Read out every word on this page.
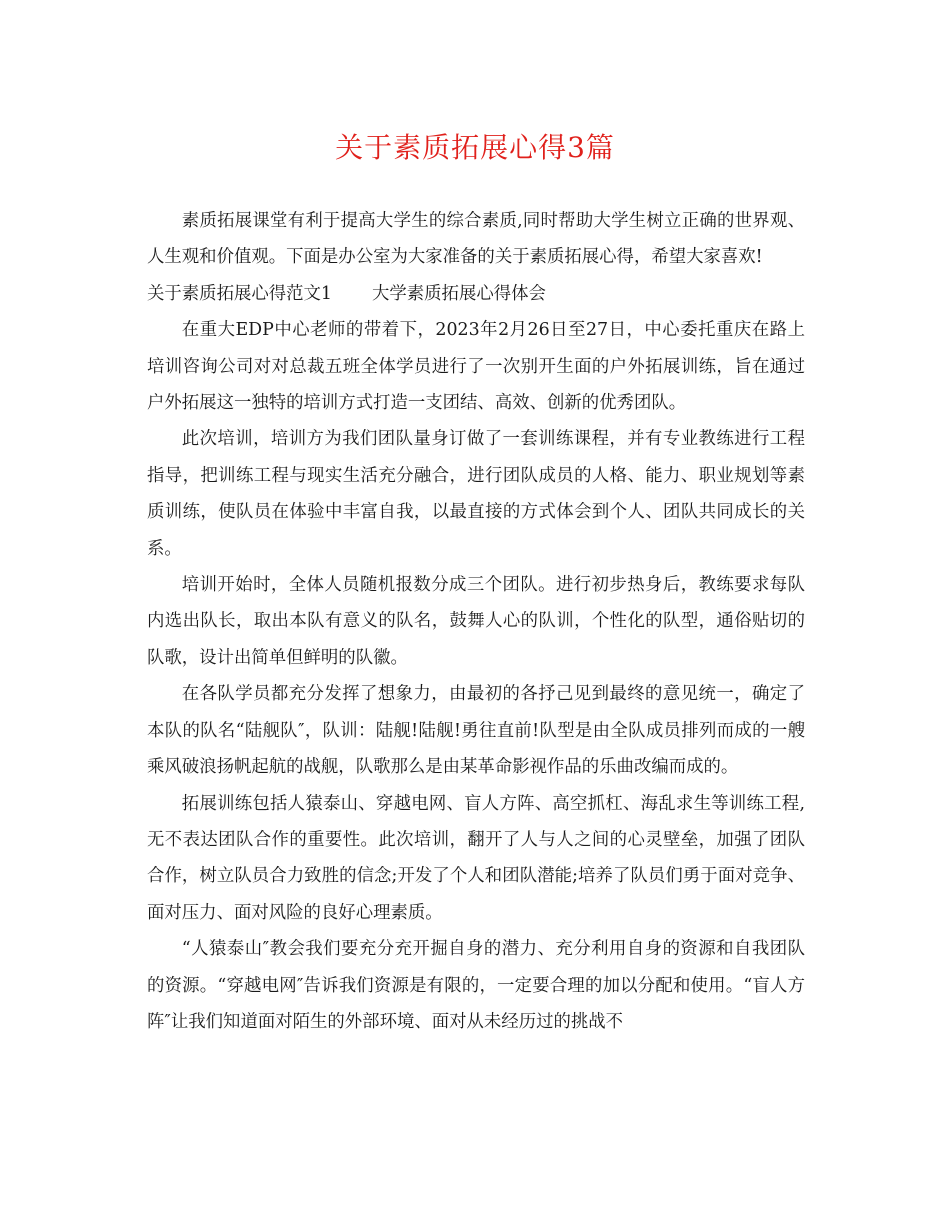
关于素质拓展心得3篇

素质拓展课堂有利于提高大学生的综合素质,同时帮助大学生树立正确的世界观、人生观和价值观。下面是办公室为大家准备的关于素质拓展心得，希望大家喜欢!

关于素质拓展心得范文1 大学素质拓展心得体会

在重大EDP中心老师的带着下，2023年2月26日至27日，中心委托重庆在路上培训咨询公司对对总裁五班全体学员进行了一次别开生面的户外拓展训练，旨在通过户外拓展这一独特的培训方式打造一支团结、高效、创新的优秀团队。

此次培训，培训方为我们团队量身订做了一套训练课程，并有专业教练进行工程指导，把训练工程与现实生活充分融合，进行团队成员的人格、能力、职业规划等素质训练，使队员在体验中丰富自我，以最直接的方式体会到个人、团队共同成长的关系。

培训开始时，全体人员随机报数分成三个团队。进行初步热身后，教练要求每队内选出队长，取出本队有意义的队名，鼓舞人心的队训，个性化的队型，通俗贴切的队歌，设计出简单但鲜明的队徽。

在各队学员都充分发挥了想象力，由最初的各抒己见到最终的意见统一，确定了本队的队名“陆舰队″，队训：陆舰!陆舰!勇往直前!队型是由全队成员排列而成的一艘乘风破浪扬帆起航的战舰，队歌那么是由某革命影视作品的乐曲改编而成的。

拓展训练包括人猿泰山、穿越电网、盲人方阵、高空抓杠、海乱求生等训练工程,无不表达团队合作的重要性。此次培训，翻开了人与人之间的心灵壁垒，加强了团队合作，树立队员合力致胜的信念;开发了个人和团队潜能;培养了队员们勇于面对竞争、面对压力、面对风险的良好心理素质。

“人猿泰山″教会我们要充分充开掘自身的潜力、充分利用自身的资源和自我团队的资源。“穿越电网″告诉我们资源是有限的，一定要合理的加以分配和使用。“盲人方阵″让我们知道面对陌生的外部环境、面对从未经历过的挑战不
